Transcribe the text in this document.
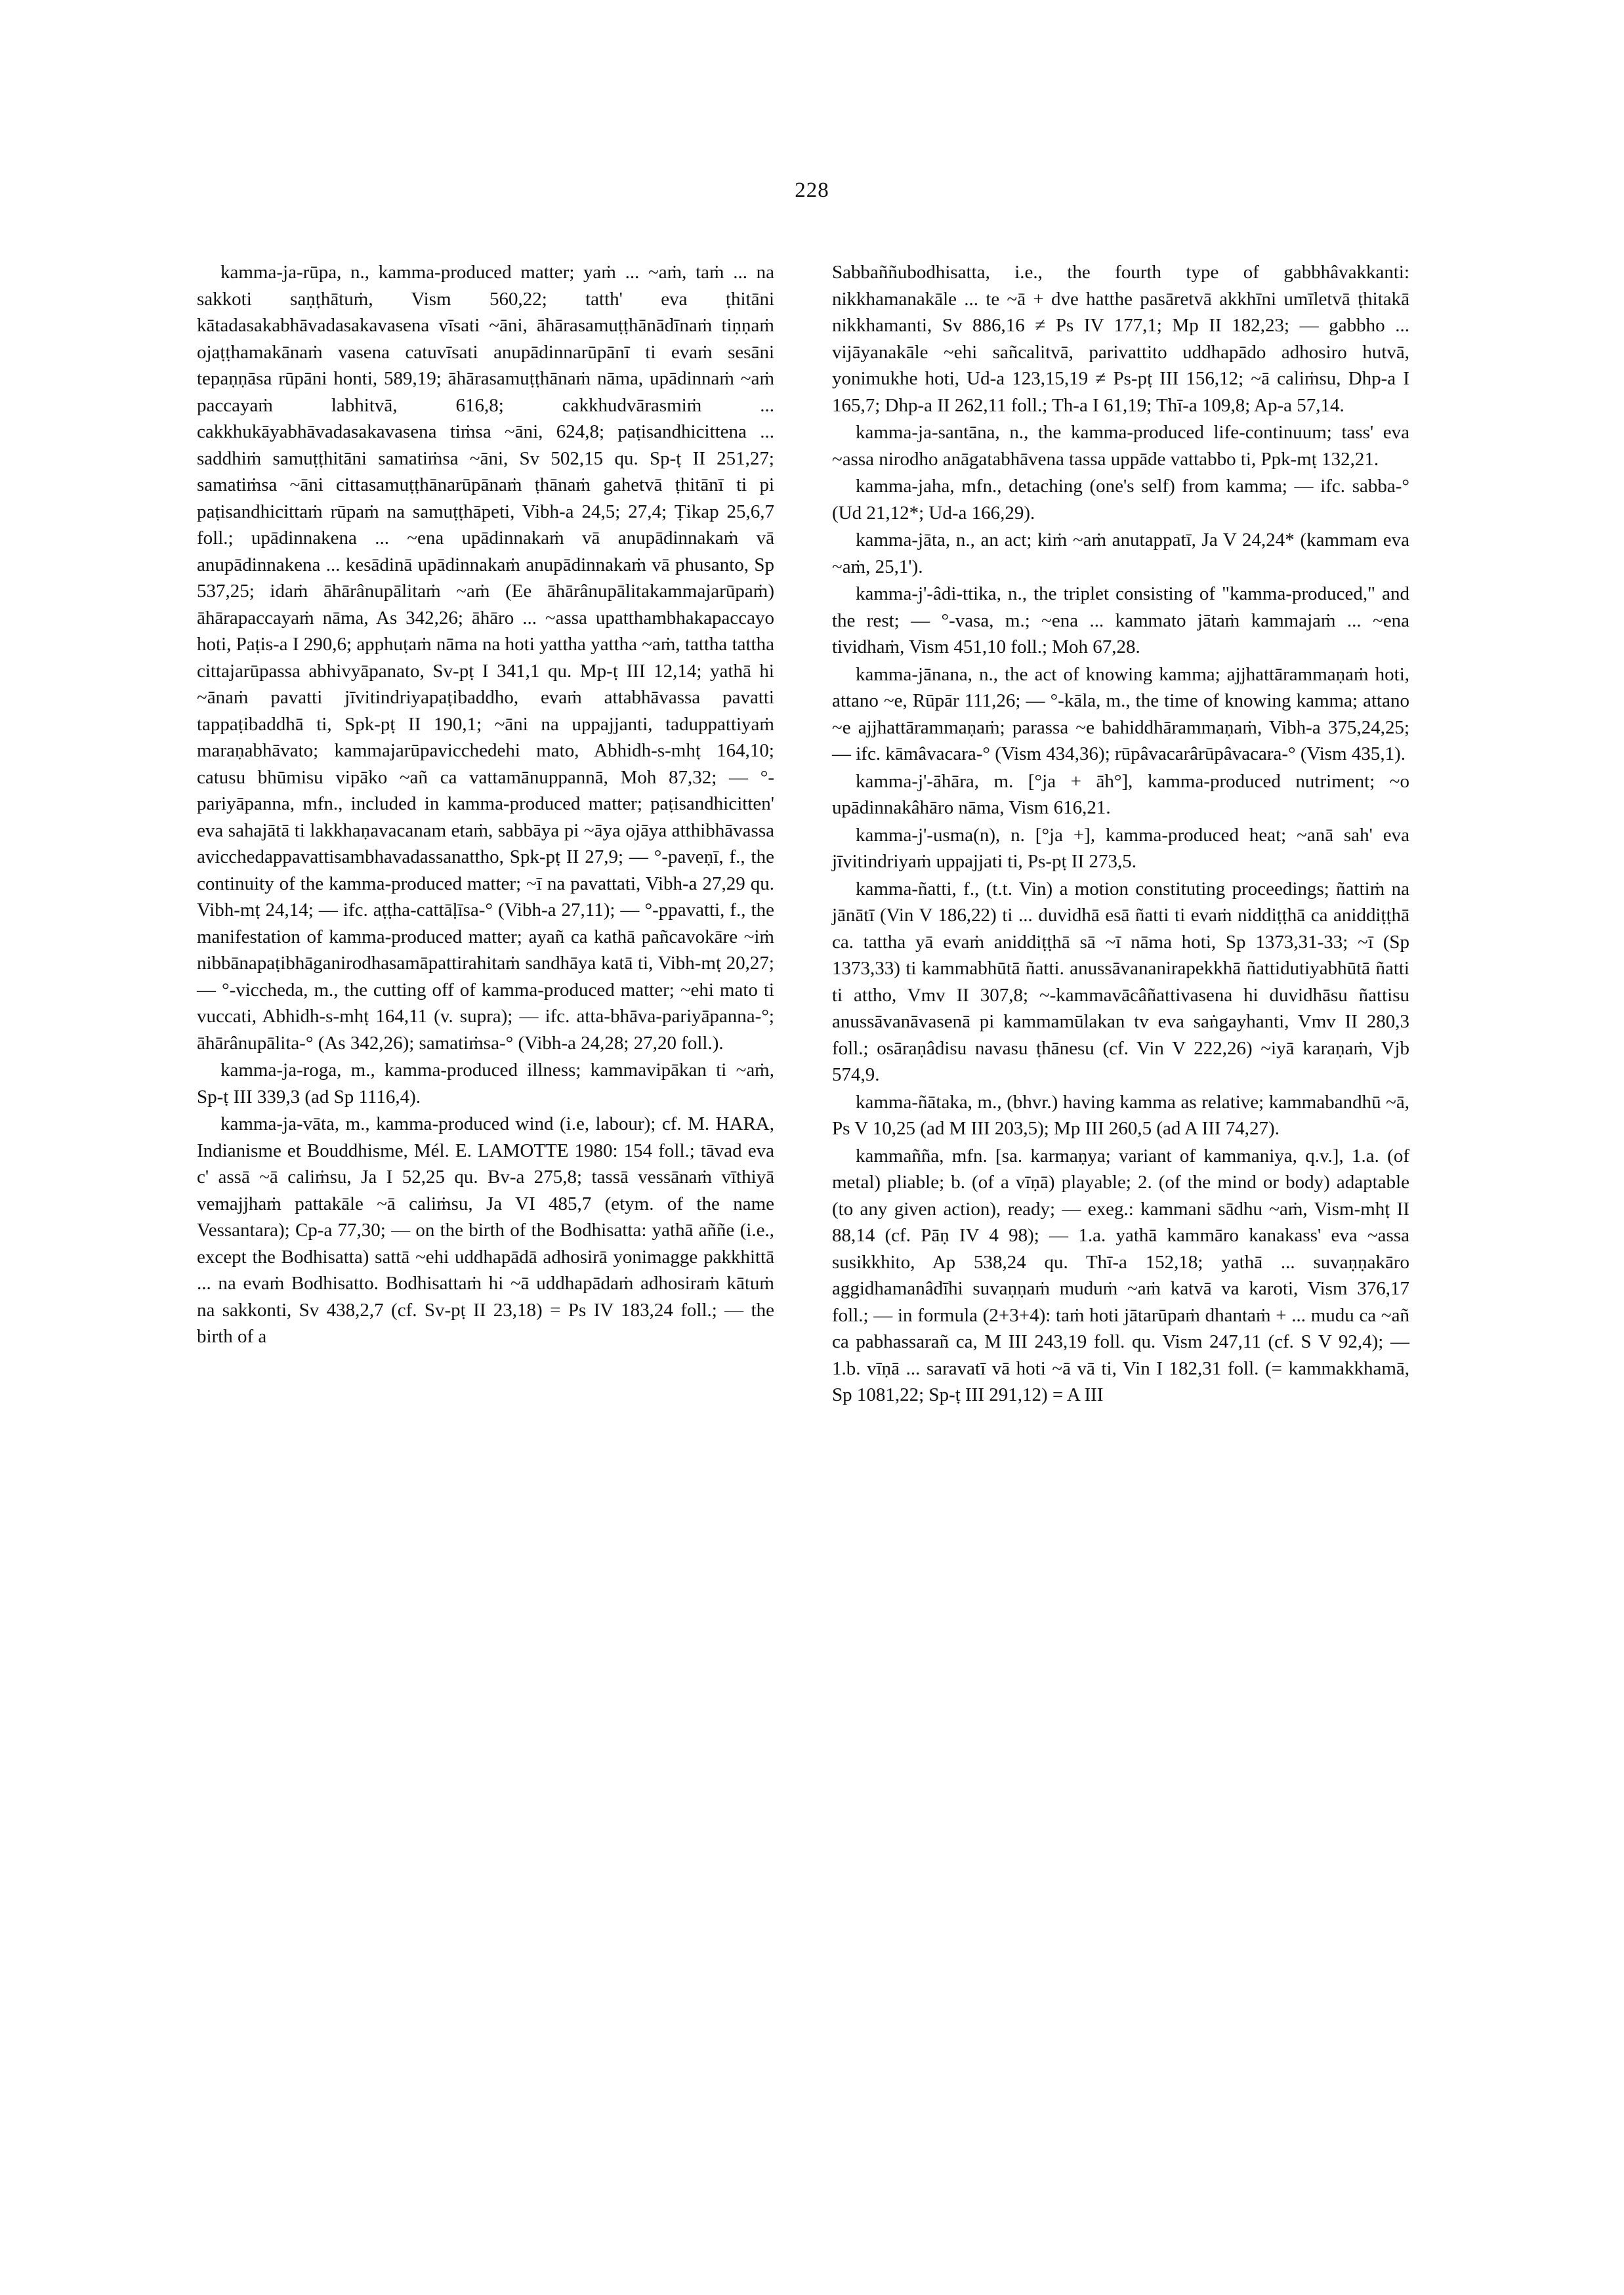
228

kamma-ja-rūpa, n., kamma-produced matter; yaṁ ... ~aṁ, taṁ ... na sakkoti saṇṭhātuṁ, Vism 560,22; tatth' eva ṭhitāni kātadasakabhāvadasakavasena vīsati ~āni, āhārasamuṭṭhānādīnaṁ tiṇṇaṁ ojaṭṭhamakānaṁ vasena catuvīsati anupādinnarūpānī ti evaṁ sesāni tepaṇṇāsa rūpāni honti, 589,19; āhārasamuṭṭhānaṁ nāma, upādinnaṁ ~aṁ paccayaṁ labhitvā, 616,8; cakkhudvārasmiṁ ... cakkhukāyabhāvadasakavasena tiṁsa ~āni, 624,8; paṭisandhicittena ... saddhiṁ samuṭṭhitāni samatiṁsa ~āni, Sv 502,15 qu. Sp-ṭ II 251,27; samatiṁsa ~āni cittasamuṭṭhānarūpānaṁ ṭhānaṁ gahetvā ṭhitānī ti pi paṭisandhicittaṁ rūpaṁ na samuṭṭhāpeti, Vibh-a 24,5; 27,4; Ṭikap 25,6,7 foll.; upādinnakena ... ~ena upādinnakaṁ vā anupādinnakaṁ vā anupādinnakena ... kesādinā upādinnakaṁ anupādinnakaṁ vā phusanto, Sp 537,25; idaṁ āhārânupālitaṁ ~aṁ (Ee āhārânupālitakammajarūpaṁ) āhārapaccayaṁ nāma, As 342,26; āhāro ... ~assa upatthambhakapaccayo hoti, Paṭis-a I 290,6; apphuṭaṁ nāma na hoti yattha yattha ~aṁ, tattha tattha cittajarūpassa abhivyāpanato, Sv-pṭ I 341,1 qu. Mp-ṭ III 12,14; yathā hi ~ānaṁ pavatti jīvitindriyapaṭibaddho, evaṁ attabhāvassa pavatti tappaṭibaddhā ti, Spk-pṭ II 190,1; ~āni na uppajjanti, taduppattiyaṁ maraṇabhāvato; kammajarūpavicchedehi mato, Abhidh-s-mhṭ 164,10; catusu bhūmisu vipāko ~añ ca vattamānuppannā, Moh 87,32; — °-pariyāpanna, mfn., included in kamma-produced matter; paṭisandhicitten' eva sahajātā ti lakkhaṇavacanam etaṁ, sabbāya pi ~āya ojāya atthibhāvassa avicchedappavattisambhavadassanattho, Spk-pṭ II 27,9; — °-paveṇī, f., the continuity of the kamma-produced matter; ~ī na pavattati, Vibh-a 27,29 qu. Vibh-mṭ 24,14; — ifc. aṭṭha-cattāḷīsa-° (Vibh-a 27,11); — °-ppavatti, f., the manifestation of kamma-produced matter; ayañ ca kathā pañcavokāre ~iṁ nibbānapaṭibhāganirodhasamāpattirahitaṁ sandhāya katā ti, Vibh-mṭ 20,27; — °-viccheda, m., the cutting off of kamma-produced matter; ~ehi mato ti vuccati, Abhidh-s-mhṭ 164,11 (v. supra); — ifc. atta-bhāva-pariyāpanna-°; āhārânupālita-° (As 342,26); samatiṁsa-° (Vibh-a 24,28; 27,20 foll.).

kamma-ja-roga, m., kamma-produced illness; kammavipākan ti ~aṁ, Sp-ṭ III 339,3 (ad Sp 1116,4).

kamma-ja-vāta, m., kamma-produced wind (i.e, labour); cf. M. HARA, Indianisme et Bouddhisme, Mél. E. LAMOTTE 1980: 154 foll.; tāvad eva c' assā ~ā caliṁsu, Ja I 52,25 qu. Bv-a 275,8; tassā vessānaṁ vīthiyā vemajjhaṁ pattakāle ~ā caliṁsu, Ja VI 485,7 (etym. of the name Vessantara); Cp-a 77,30; — on the birth of the Bodhisatta: yathā aññe (i.e., except the Bodhisatta) sattā ~ehi uddhapādā adhosirā yonimagge pakkhittā ... na evaṁ Bodhisatto. Bodhisattaṁ hi ~ā uddhapādaṁ adhosiraṁ kātuṁ na sakkonti, Sv 438,2,7 (cf. Sv-pṭ II 23,18) = Ps IV 183,24 foll.; — the birth of a

Sabbaññubodhisatta, i.e., the fourth type of gabbhâvakkanti: nikkhamanakāle ... te ~ā + dve hatthe pasāretvā akkhīni umīletvā ṭhitakā nikkhamanti, Sv 886,16 ≠ Ps IV 177,1; Mp II 182,23; — gabbho ... vijāyanakāle ~ehi sañcalitvā, parivattito uddhapādo adhosiro hutvā, yonimukhe hoti, Ud-a 123,15,19 ≠ Ps-pṭ III 156,12; ~ā caliṁsu, Dhp-a I 165,7; Dhp-a II 262,11 foll.; Th-a I 61,19; Thī-a 109,8; Ap-a 57,14.

kamma-ja-santāna, n., the kamma-produced life-continuum; tass' eva ~assa nirodho anāgatabhāvena tassa uppāde vattabbo ti, Ppk-mṭ 132,21.

kamma-jaha, mfn., detaching (one's self) from kamma; — ifc. sabba-° (Ud 21,12*; Ud-a 166,29).

kamma-jāta, n., an act; kiṁ ~aṁ anutappatī, Ja V 24,24* (kammam eva ~aṁ, 25,1').

kamma-j'-âdi-ttika, n., the triplet consisting of "kamma-produced," and the rest; — °-vasa, m.; ~ena ... kammato jātaṁ kammajaṁ ... ~ena tividhaṁ, Vism 451,10 foll.; Moh 67,28.

kamma-jānana, n., the act of knowing kamma; ajjhattārammaṇaṁ hoti, attano ~e, Rūpār 111,26; — °-kāla, m., the time of knowing kamma; attano ~e ajjhattārammaṇaṁ; parassa ~e bahiddhārammaṇaṁ, Vibh-a 375,24,25; — ifc. kāmâvacara-° (Vism 434,36); rūpâvacarârūpâvacara-° (Vism 435,1).

kamma-j'-āhāra, m. [°ja + āh°], kamma-produced nutriment; ~o upādinnakâhāro nāma, Vism 616,21.

kamma-j'-usma(n), n. [°ja +], kamma-produced heat; ~anā sah' eva jīvitindriyaṁ uppajjati ti, Ps-pṭ II 273,5.

kamma-ñatti, f., (t.t. Vin) a motion constituting proceedings; ñattiṁ na jānātī (Vin V 186,22) ti ... duvidhā esā ñatti ti evaṁ niddiṭṭhā ca aniddiṭṭhā ca. tattha yā evaṁ aniddiṭṭhā sā ~ī nāma hoti, Sp 1373,31-33; ~ī (Sp 1373,33) ti kammabhūtā ñatti. anussāvananirapekkhā ñattidutiyabhūtā ñatti ti attho, Vmv II 307,8; ~-kammavācâñattivasena hi duvidhāsu ñattisu anussāvanāvasenā pi kammamūlakan tv eva saṅgayhanti, Vmv II 280,3 foll.; osāraṇâdisu navasu ṭhānesu (cf. Vin V 222,26) ~iyā karaṇaṁ, Vjb 574,9.

kamma-ñātaka, m., (bhvr.) having kamma as relative; kammabandhū ~ā, Ps V 10,25 (ad M III 203,5); Mp III 260,5 (ad A III 74,27).

kammañña, mfn. [sa. karmaṇya; variant of kammaniya, q.v.], 1.a. (of metal) pliable; b. (of a vīṇā) playable; 2. (of the mind or body) adaptable (to any given action), ready; — exeg.: kammani sādhu ~aṁ, Vism-mhṭ II 88,14 (cf. Pāṇ IV 4 98); — 1.a. yathā kammāro kanakass' eva ~assa susikkhito, Ap 538,24 qu. Thī-a 152,18; yathā ... suvaṇṇakāro aggidhamanâdīhi suvaṇṇaṁ muduṁ ~aṁ katvā va karoti, Vism 376,17 foll.; — in formula (2+3+4): taṁ hoti jātarūpaṁ dhantaṁ + ... mudu ca ~añ ca pabhassarañ ca, M III 243,19 foll. qu. Vism 247,11 (cf. S V 92,4); — 1.b. vīṇā ... saravatī vā hoti ~ā vā ti, Vin I 182,31 foll. (= kammakkhamā, Sp 1081,22; Sp-ṭ III 291,12) = A III
